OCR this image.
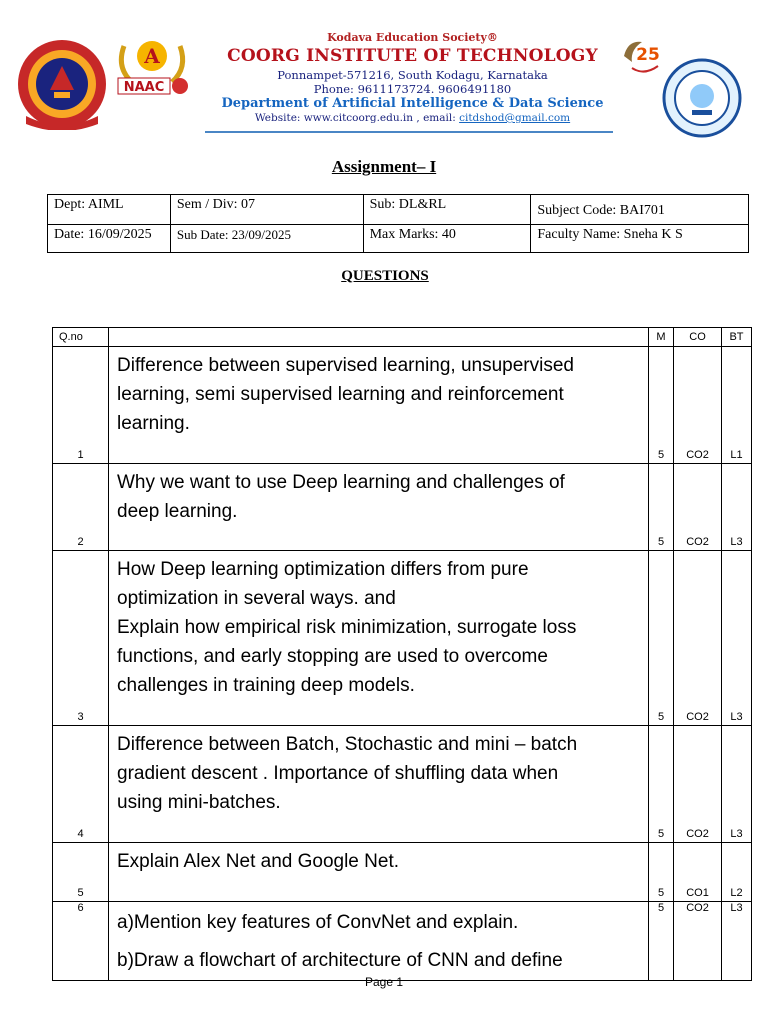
A
NAAC
Kodava Education Society®
COORG INSTITUTE OF TECHNOLOGY
Ponnampet-571216, South Kodagu, Karnataka
Phone: 9611173724. 9606491180
Department of Artificial Intelligence & Data Science
Website: www.citcoorg.edu.in , email: citdshod@gmail.com
25
Assignment– I
Dept: AIML	Sem / Div: 07	Sub: DL&RL	Subject Code: BAI701
Date: 16/09/2025	Sub Date: 23/09/2025	Max Marks: 40	Faculty Name: Sneha K S
QUESTIONS
Q.no		M	CO	BT
1	Difference between supervised learning, unsupervised
learning, semi supervised learning and reinforcement
learning.	5	CO2	L1
2	Why we want to use Deep learning and challenges of
deep learning.	5	CO2	L3
3	How Deep learning optimization differs from pure
optimization in several ways. and
Explain how empirical risk minimization, surrogate loss
functions, and early stopping are used to overcome
challenges in training deep models.	5	CO2	L3
4	Difference between Batch, Stochastic and mini – batch
gradient descent . Importance of shuffling data when
using mini-batches.	5	CO2	L3
5	Explain Alex Net and Google Net.	5	CO1	L2
6	a)Mention key features of ConvNet and explain.
b)Draw a flowchart of architecture of CNN and define	5	CO2	L3
Page 1
